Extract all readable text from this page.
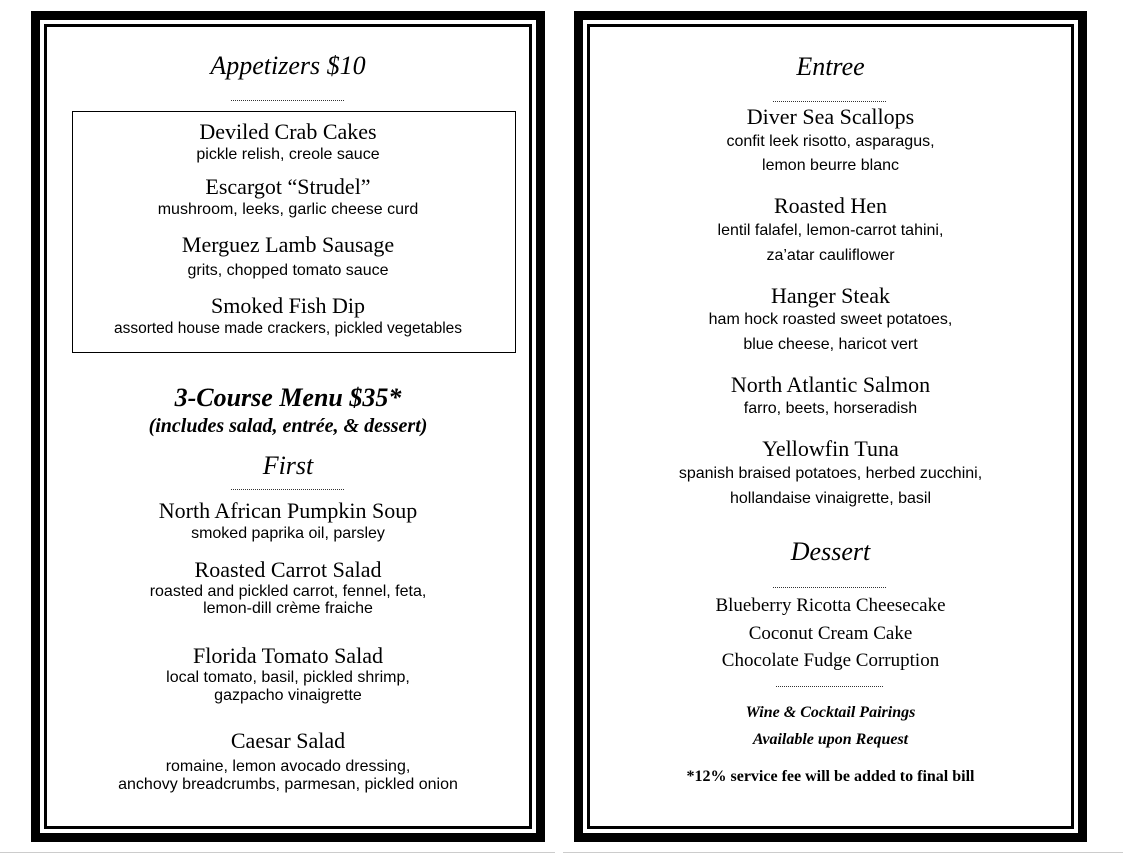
Appetizers $10
Deviled Crab Cakes
pickle relish, creole sauce
Escargot “Strudel”
mushroom, leeks, garlic cheese curd
Merguez Lamb Sausage
grits, chopped tomato sauce
Smoked Fish Dip
assorted house made crackers, pickled vegetables
3-Course Menu $35*
(includes salad, entrée, & dessert)
First
North African Pumpkin Soup
smoked paprika oil, parsley
Roasted Carrot Salad
roasted and pickled carrot, fennel, feta,
lemon-dill crème fraiche
Florida Tomato Salad
local tomato, basil, pickled shrimp,
gazpacho vinaigrette
Caesar Salad
romaine, lemon avocado dressing,
anchovy breadcrumbs, parmesan, pickled onion
Entree
Diver Sea Scallops
confit leek risotto, asparagus,
lemon beurre blanc
Roasted Hen
lentil falafel, lemon-carrot tahini,
za’atar cauliflower
Hanger Steak
ham hock roasted sweet potatoes,
blue cheese, haricot vert
North Atlantic Salmon
farro, beets, horseradish
Yellowfin Tuna
spanish braised potatoes, herbed zucchini,
hollandaise vinaigrette, basil
Dessert
Blueberry Ricotta Cheesecake
Coconut Cream Cake
Chocolate Fudge Corruption
Wine & Cocktail Pairings
Available upon Request
*12% service fee will be added to final bill
